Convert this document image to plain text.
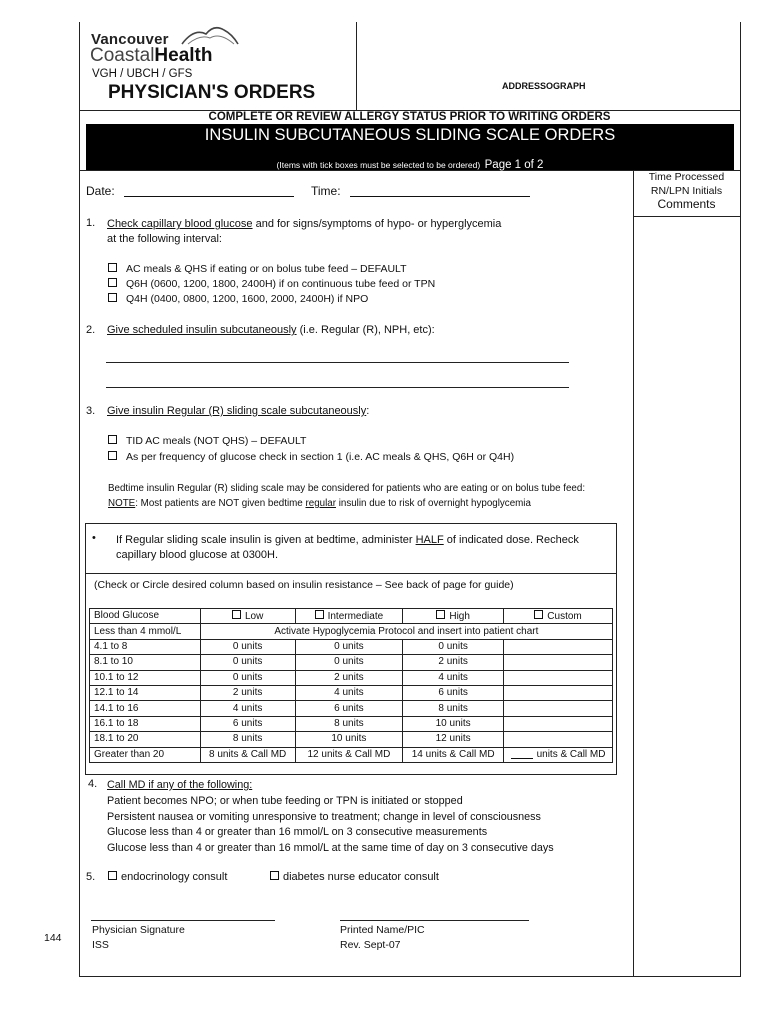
Vancouver
CoastalHealth
VGH / UBCH / GFS
PHYSICIAN'S ORDERS	ADDRESSOGRAPH
COMPLETE OR REVIEW ALLERGY STATUS PRIOR TO WRITING ORDERS
INSULIN SUBCUTANEOUS SLIDING SCALE ORDERS
(Items with tick boxes must be selected to be ordered) Page 1 of 2
Time Processed
RN/LPN Initials
Comments
Date:	Time:
1. Check capillary blood glucose and for signs/symptoms of hypo- or hyperglycemia
at the following interval:
AC meals & QHS if eating or on bolus tube feed – DEFAULT
Q6H (0600, 1200, 1800, 2400H) if on continuous tube feed or TPN
Q4H (0400, 0800, 1200, 1600, 2000, 2400H) if NPO
2. Give scheduled insulin subcutaneously (i.e. Regular (R), NPH, etc):
3. Give insulin Regular (R) sliding scale subcutaneously:
TID AC meals (NOT QHS) – DEFAULT
As per frequency of glucose check in section 1 (i.e. AC meals & QHS, Q6H or Q4H)
Bedtime insulin Regular (R) sliding scale may be considered for patients who are eating or on bolus tube feed:
NOTE: Most patients are NOT given bedtime regular insulin due to risk of overnight hypoglycemia
• If Regular sliding scale insulin is given at bedtime, administer HALF of indicated dose. Recheck
capillary blood glucose at 0300H.
(Check or Circle desired column based on insulin resistance – See back of page for guide)
Blood Glucose	Low	Intermediate	High	Custom
Less than 4 mmol/L	Activate Hypoglycemia Protocol and insert into patient chart			
4.1 to 8	0 units	0 units	0 units	
8.1 to 10	0 units	0 units	2 units	
10.1 to 12	0 units	2 units	4 units	
12.1 to 14	2 units	4 units	6 units	
14.1 to 16	4 units	6 units	8 units	
16.1 to 18	6 units	8 units	10 units	
18.1 to 20	8 units	10 units	12 units	
Greater than 20	8 units & Call MD	12 units & Call MD	14 units & Call MD	units & Call MD
4. Call MD if any of the following:
Patient becomes NPO; or when tube feeding or TPN is initiated or stopped
Persistent nausea or vomiting unresponsive to treatment; change in level of consciousness
Glucose less than 4 or greater than 16 mmol/L on 3 consecutive measurements
Glucose less than 4 or greater than 16 mmol/L at the same time of day on 3 consecutive days
5.	endocrinology consult	diabetes nurse educator consult
Physician Signature
ISS
Printed Name/PIC
Rev. Sept-07
144
